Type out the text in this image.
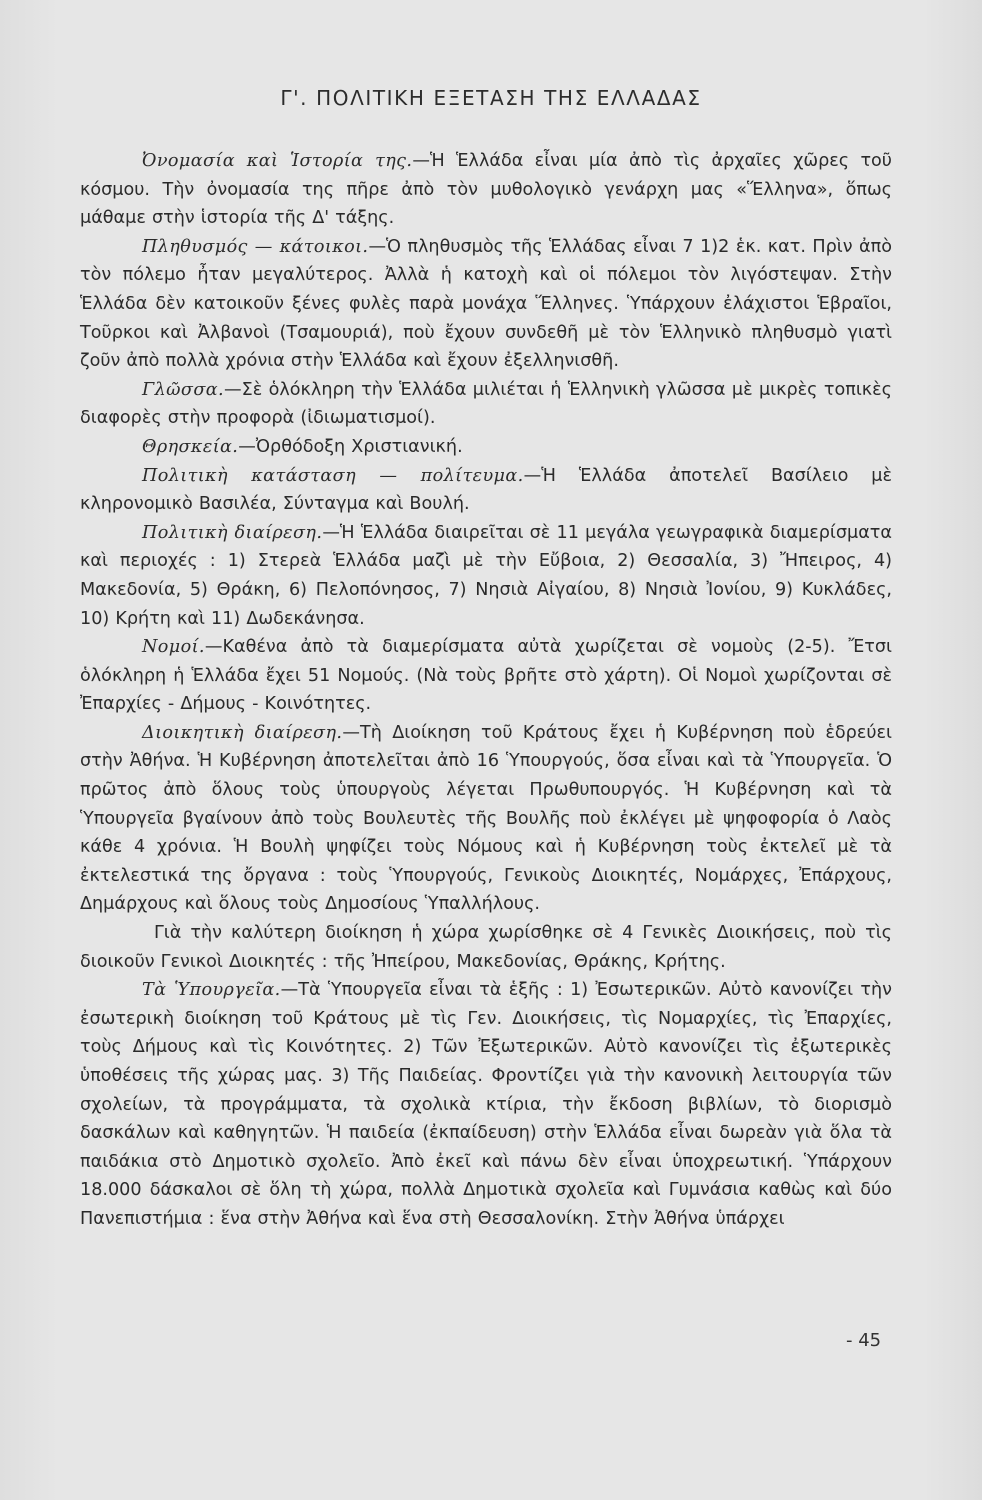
Γ'. ΠΟΛΙΤΙΚΗ ΕΞΕΤΑΣΗ ΤΗΣ ΕΛΛΑΔΑΣ

Ὀνομασία καὶ Ἱστορία της.—Ἡ Ἑλλάδα εἶναι μία ἀπὸ τὶς ἀρχαῖες χῶρες τοῦ κόσμου. Τὴν ὀνομασία της πῆρε ἀπὸ τὸν μυθολογικὸ γενάρχη μας «Ἕλληνα», ὅπως μάθαμε στὴν ἱστορία τῆς Δ' τάξης.

Πληθυσμός — κάτοικοι.—Ὁ πληθυσμὸς τῆς Ἑλλάδας εἶναι 7 1)2 ἑκ. κατ. Πρὶν ἀπὸ τὸν πόλεμο ἦταν μεγαλύτερος. Ἀλλὰ ἡ κατοχὴ καὶ οἱ πόλεμοι τὸν λιγόστεψαν. Στὴν Ἑλλάδα δὲν κατοικοῦν ξένες φυλὲς παρὰ μονάχα Ἕλληνες. Ὑπάρχουν ἐλάχιστοι Ἑβραῖοι, Τοῦρκοι καὶ Ἀλβανοὶ (Τσαμουριά), ποὺ ἔχουν συνδεθῆ μὲ τὸν Ἑλληνικὸ πληθυσμὸ γιατὶ ζοῦν ἀπὸ πολλὰ χρόνια στὴν Ἑλλάδα καὶ ἔχουν ἐξελληνισθῆ.

Γλῶσσα.—Σὲ ὁλόκληρη τὴν Ἑλλάδα μιλιέται ἡ Ἑλληνικὴ γλῶσσα μὲ μικρὲς τοπικὲς διαφορὲς στὴν προφορὰ (ἰδιωματισμοί).

Θρησκεία.—Ὀρθόδοξη Χριστιανική.

Πολιτικὴ κατάσταση — πολίτευμα.—Ἡ Ἑλλάδα ἀποτελεῖ Βασίλειο μὲ κληρονομικὸ Βασιλέα, Σύνταγμα καὶ Βουλή.

Πολιτικὴ διαίρεση.—Ἡ Ἑλλάδα διαιρεῖται σὲ 11 μεγάλα γεωγραφικὰ διαμερίσματα καὶ περιοχές : 1) Στερεὰ Ἑλλάδα μαζὶ μὲ τὴν Εὔβοια, 2) Θεσσαλία, 3) Ἤπειρος, 4) Μακεδονία, 5) Θράκη, 6) Πελοπόνησος, 7) Νησιὰ Αἰγαίου, 8) Νησιὰ Ἰονίου, 9) Κυκλάδες, 10) Κρήτη καὶ 11) Δωδεκάνησα.

Νομοί.—Καθένα ἀπὸ τὰ διαμερίσματα αὐτὰ χωρίζεται σὲ νομοὺς (2-5). Ἔτσι ὁλόκληρη ἡ Ἑλλάδα ἔχει 51 Νομούς. (Νὰ τοὺς βρῆτε στὸ χάρτη). Οἱ Νομοὶ χωρίζονται σὲ Ἐπαρχίες - Δήμους - Κοινότητες.

Διοικητικὴ διαίρεση.—Τὴ Διοίκηση τοῦ Κράτους ἔχει ἡ Κυβέρνηση ποὺ ἑδρεύει στὴν Ἀθήνα. Ἡ Κυβέρνηση ἀποτελεῖται ἀπὸ 16 Ὑπουργούς, ὅσα εἶναι καὶ τὰ Ὑπουργεῖα. Ὁ πρῶτος ἀπὸ ὅλους τοὺς ὑπουργοὺς λέγεται Πρωθυπουργός. Ἡ Κυβέρνηση καὶ τὰ Ὑπουργεῖα βγαίνουν ἀπὸ τοὺς Βουλευτὲς τῆς Βουλῆς ποὺ ἐκλέγει μὲ ψηφοφορία ὁ Λαὸς κάθε 4 χρόνια. Ἡ Βουλὴ ψηφίζει τοὺς Νόμους καὶ ἡ Κυβέρνηση τοὺς ἐκτελεῖ μὲ τὰ ἐκτελεστικά της ὄργανα : τοὺς Ὑπουργούς, Γενικοὺς Διοικητές, Νομάρχες, Ἐπάρχους, Δημάρχους καὶ ὅλους τοὺς Δημοσίους Ὑπαλλήλους.

Γιὰ τὴν καλύτερη διοίκηση ἡ χώρα χωρίσθηκε σὲ 4 Γενικὲς Διοικήσεις, ποὺ τὶς διοικοῦν Γενικοὶ Διοικητές : τῆς Ἠπείρου, Μακεδονίας, Θράκης, Κρήτης.

Τὰ Ὑπουργεῖα.—Τὰ Ὑπουργεῖα εἶναι τὰ ἑξῆς : 1) Ἐσωτερικῶν. Αὐτὸ κανονίζει τὴν ἐσωτερικὴ διοίκηση τοῦ Κράτους μὲ τὶς Γεν. Διοικήσεις, τὶς Νομαρχίες, τὶς Ἐπαρχίες, τοὺς Δήμους καὶ τὶς Κοινότητες. 2) Τῶν Ἐξωτερικῶν. Αὐτὸ κανονίζει τὶς ἐξωτερικὲς ὑποθέσεις τῆς χώρας μας. 3) Τῆς Παιδείας. Φροντίζει γιὰ τὴν κανονικὴ λειτουργία τῶν σχολείων, τὰ προγράμματα, τὰ σχολικὰ κτίρια, τὴν ἔκδοση βιβλίων, τὸ διορισμὸ δασκάλων καὶ καθηγητῶν. Ἡ παιδεία (ἐκπαίδευση) στὴν Ἑλλάδα εἶναι δωρεὰν γιὰ ὅλα τὰ παιδάκια στὸ Δημοτικὸ σχολεῖο. Ἀπὸ ἐκεῖ καὶ πάνω δὲν εἶναι ὑποχρεωτική. Ὑπάρχουν 18.000 δάσκαλοι σὲ ὅλη τὴ χώρα, πολλὰ Δημοτικὰ σχολεῖα καὶ Γυμνάσια καθὼς καὶ δύο Πανεπιστήμια : ἕνα στὴν Ἀθήνα καὶ ἕνα στὴ Θεσσαλονίκη. Στὴν Ἀθήνα ὑπάρχει

- 45
